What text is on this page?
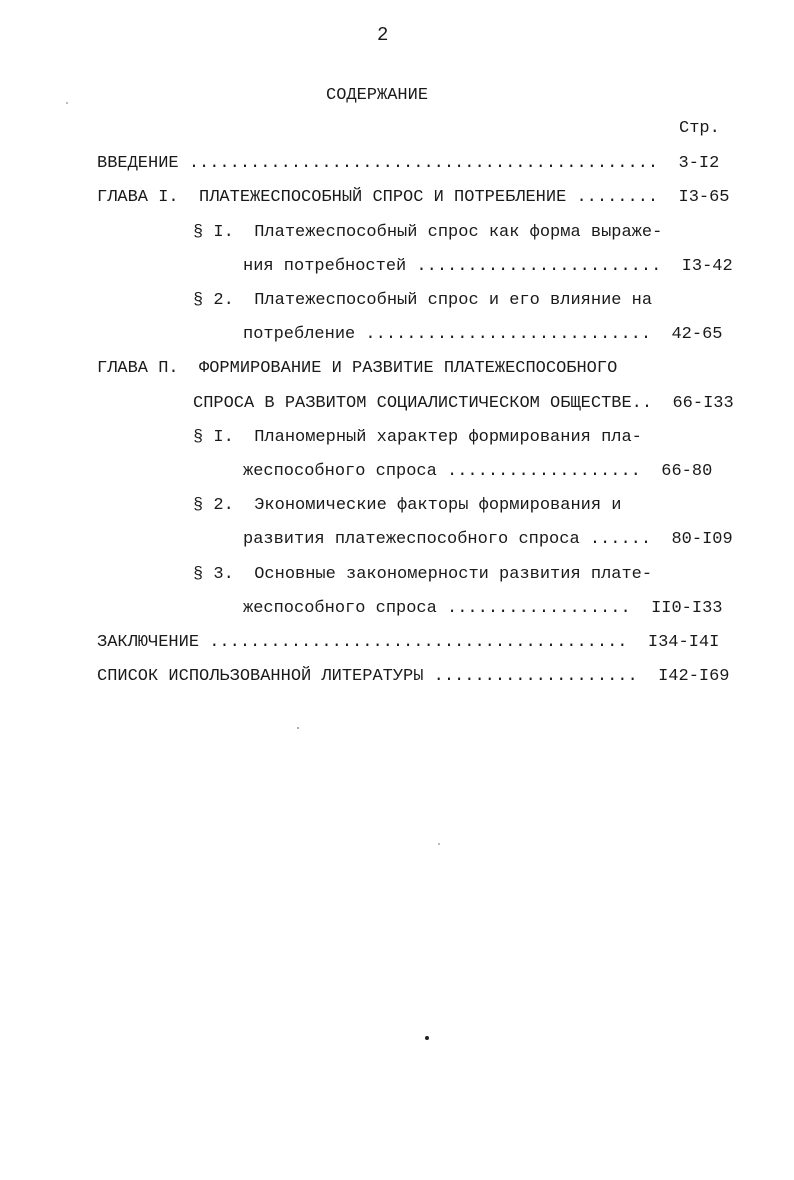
2
СОДЕРЖАНИЕ
Стр.
ВВЕДЕНИЕ ..............................................  3-I2
ГЛАВА I.  ПЛАТЕЖЕСПОСОБНЫЙ СПРОС И ПОТРЕБЛЕНИЕ ........  I3-65
§ I.  Платежеспособный спрос как форма выраже-
ния потребностей ........................  I3-42
§ 2.  Платежеспособный спрос и его влияние на
потребление ............................  42-65
ГЛАВА П.  ФОРМИРОВАНИЕ И РАЗВИТИЕ ПЛАТЕЖЕСПОСОБНОГО
СПРОСА В РАЗВИТОМ СОЦИАЛИСТИЧЕСКОМ ОБЩЕСТВЕ..  66-I33
§ I.  Планомерный характер формирования пла-
жеспособного спроса ...................  66-80
§ 2.  Экономические факторы формирования и
развития платежеспособного спроса ......  80-I09
§ 3.  Основные закономерности развития плате-
жеспособного спроса ..................  II0-I33
ЗАКЛЮЧЕНИЕ .........................................  I34-I4I
СПИСОК ИСПОЛЬЗОВАННОЙ ЛИТЕРАТУРЫ ....................  I42-I69
